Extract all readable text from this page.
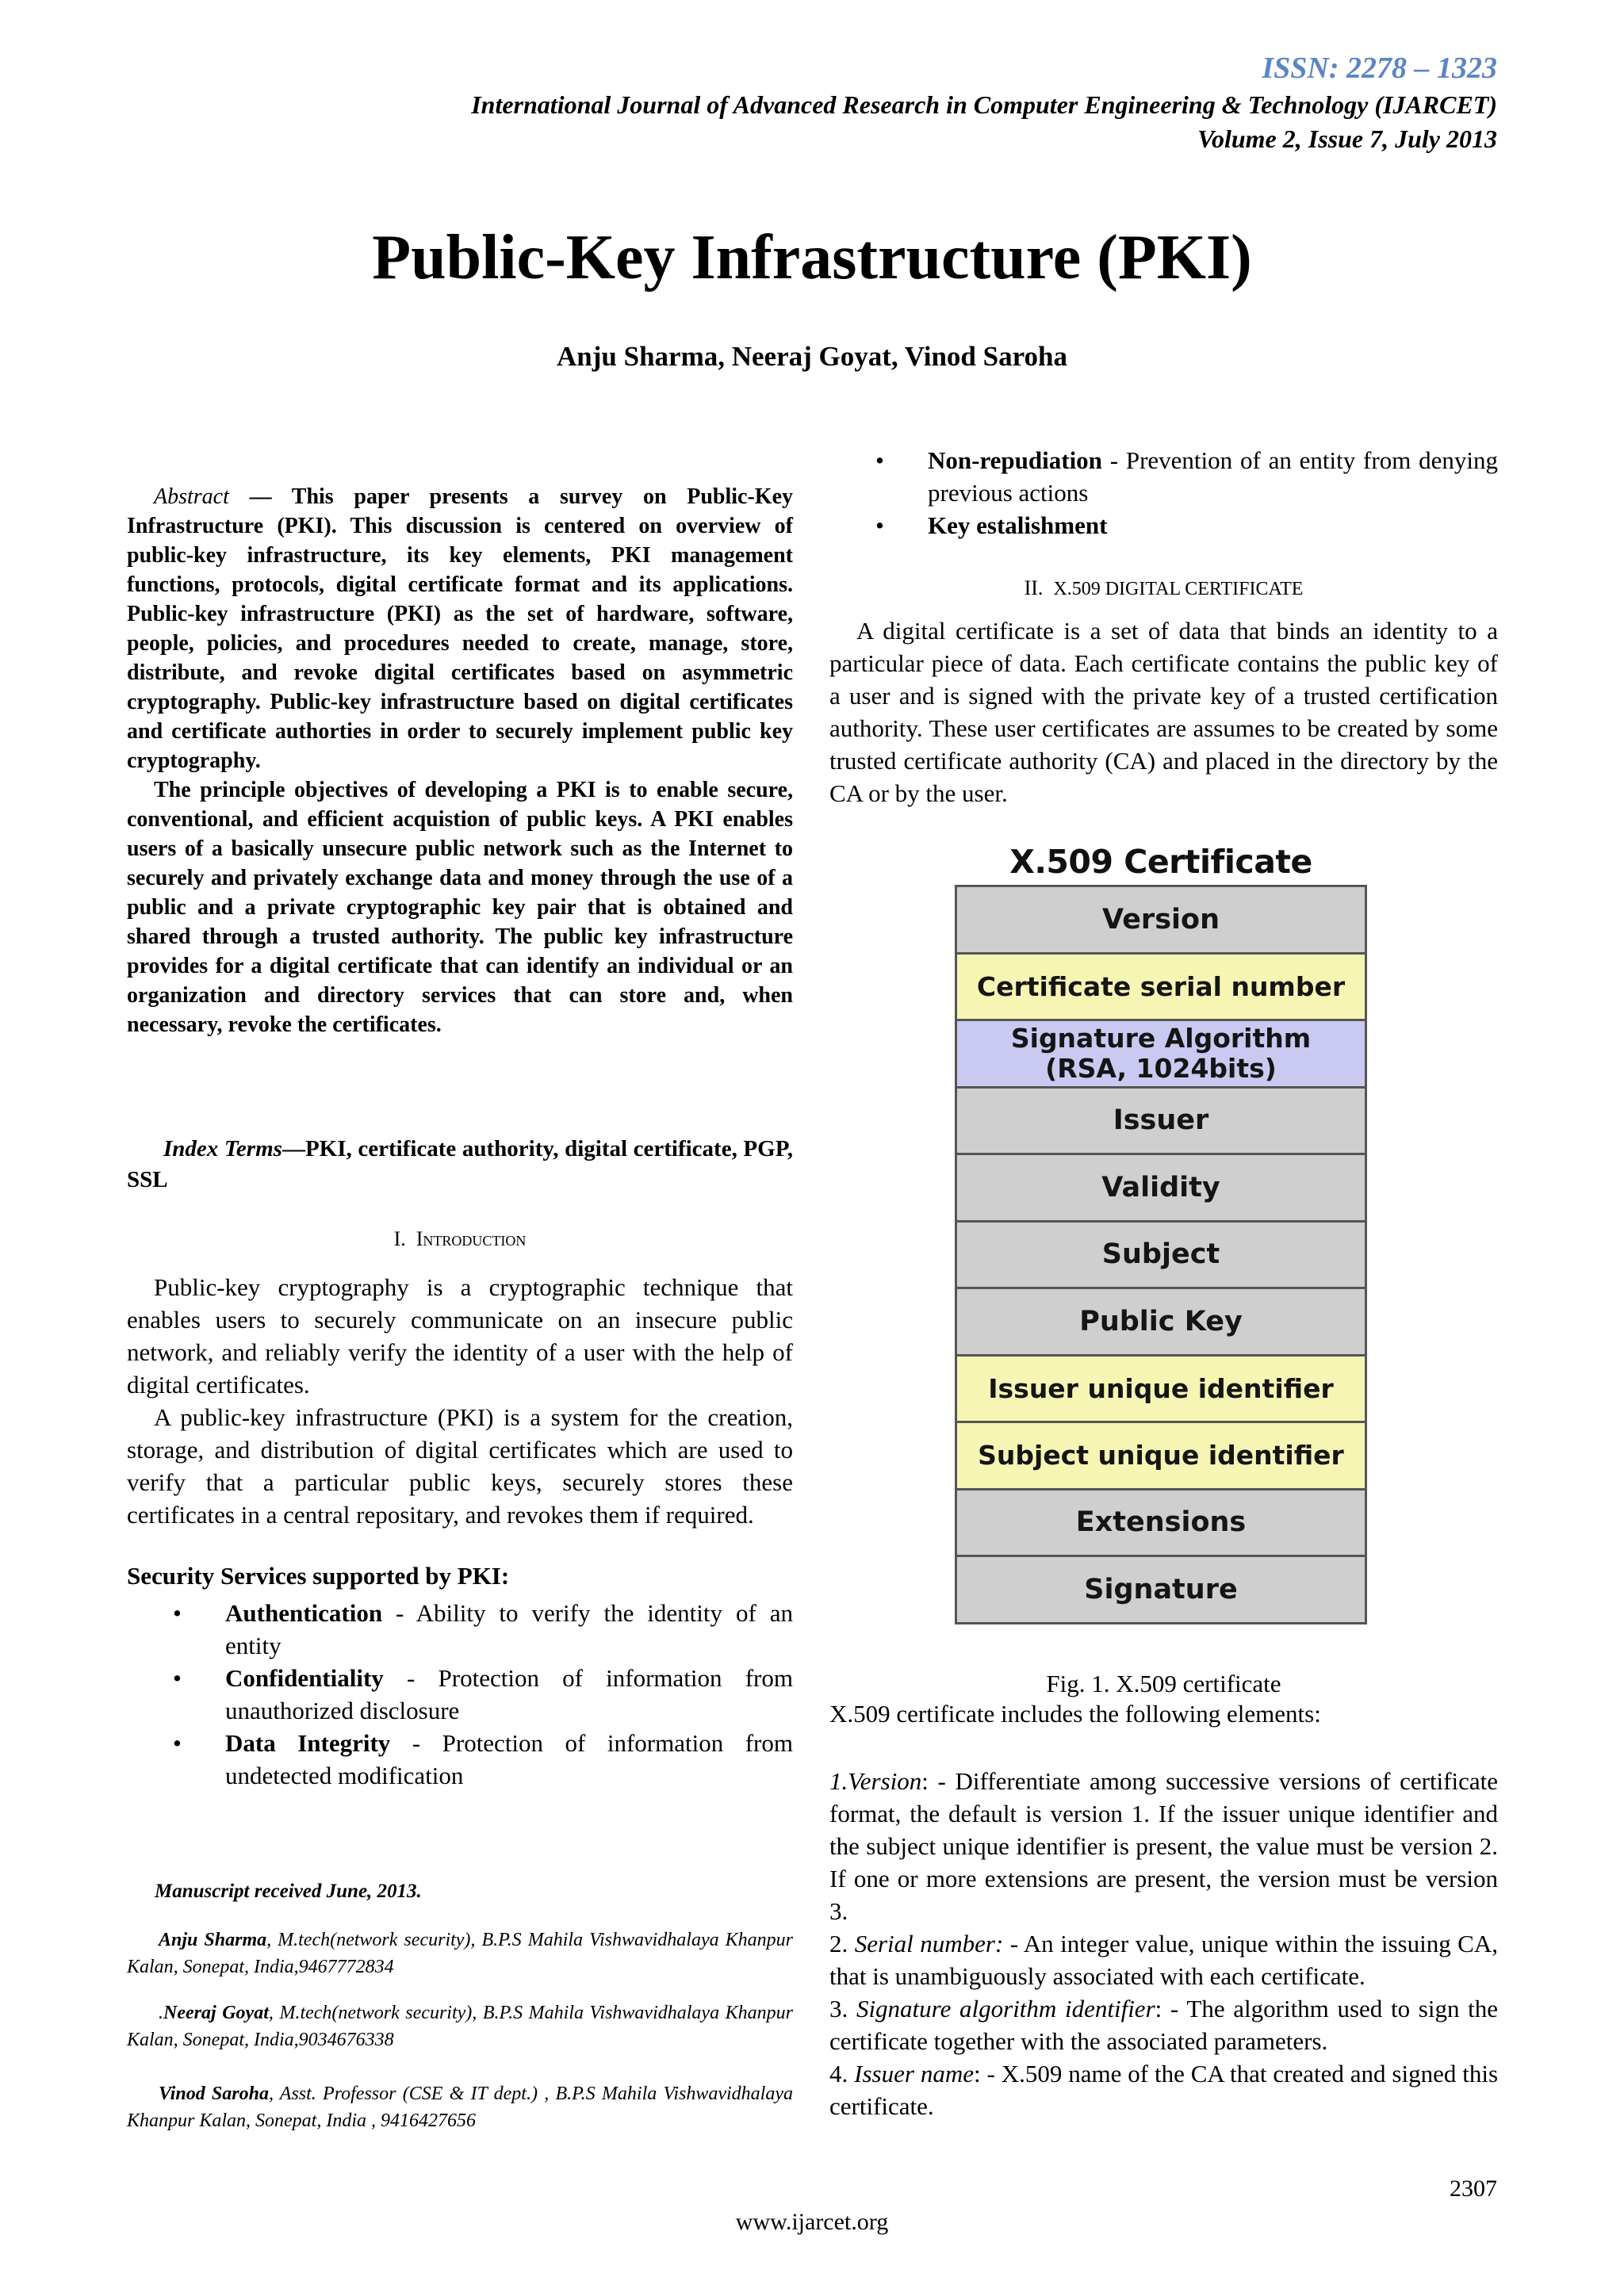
ISSN: 2278 – 1323
International Journal of Advanced Research in Computer Engineering & Technology (IJARCET)
Volume 2, Issue 7, July 2013
Public-Key Infrastructure (PKI)
Anju Sharma, Neeraj Goyat, Vinod Saroha

Abstract — This paper presents a survey on Public-Key Infrastructure (PKI). This discussion is centered on overview of public-key infrastructure, its key elements, PKI management functions, protocols, digital certificate format and its applications. Public-key infrastructure (PKI) as the set of hardware, software, people, policies, and procedures needed to create, manage, store, distribute, and revoke digital certificates based on asymmetric cryptography. Public-key infrastructure based on digital certificates and certificate authorties in order to securely implement public key cryptography.

The principle objectives of developing a PKI is to enable secure, conventional, and efficient acquistion of public keys. A PKI enables users of a basically unsecure public network such as the Internet to securely and privately exchange data and money through the use of a public and a private cryptographic key pair that is obtained and shared through a trusted authority. The public key infrastructure provides for a digital certificate that can identify an individual or an organization and directory services that can store and, when necessary, revoke the certificates.

Index Terms—PKI, certificate authority, digital certificate, PGP, SSL
I. Introduction

Public-key cryptography is a cryptographic technique that enables users to securely communicate on an insecure public network, and reliably verify the identity of a user with the help of digital certificates.

A public-key infrastructure (PKI) is a system for the creation, storage, and distribution of digital certificates which are used to verify that a particular public keys, securely stores these certificates in a central repositary, and revokes them if required.

Security Services supported by PKI:
• Authentication - Ability to verify the identity of an entity
• Confidentiality - Protection of information from unauthorized disclosure
• Data Integrity - Protection of information from undetected modification
Manuscript received June, 2013.
Anju Sharma, M.tech(network security), B.P.S Mahila Vishwavidhalaya Khanpur Kalan, Sonepat, India,9467772834
.Neeraj Goyat, M.tech(network security), B.P.S Mahila Vishwavidhalaya Khanpur Kalan, Sonepat, India,9034676338
Vinod Saroha, Asst. Professor (CSE & IT dept.) , B.P.S Mahila Vishwavidhalaya Khanpur Kalan, Sonepat, India , 9416427656
• Non-repudiation - Prevention of an entity from denying previous actions
• Key estalishment
II. X.509 DIGITAL CERTIFICATE

A digital certificate is a set of data that binds an identity to a particular piece of data. Each certificate contains the public key of a user and is signed with the private key of a trusted certification authority. These user certificates are assumes to be created by some trusted certificate authority (CA) and placed in the directory by the CA or by the user.

X.509 Certificate
Version
Certificate serial number
Signature Algorithm
(RSA, 1024bits)
Issuer
Validity
Subject
Public Key
Issuer unique identifier
Subject unique identifier
Extensions
Signature
Fig. 1. X.509 certificate
X.509 certificate includes the following elements:

1.Version: - Differentiate among successive versions of certificate format, the default is version 1. If the issuer unique identifier and the subject unique identifier is present, the value must be version 2. If one or more extensions are present, the version must be version 3.

2. Serial number: - An integer value, unique within the issuing CA, that is unambiguously associated with each certificate.

3. Signature algorithm identifier: - The algorithm used to sign the certificate together with the associated parameters.

4. Issuer name: - X.509 name of the CA that created and signed this certificate.

2307
www.ijarcet.org
